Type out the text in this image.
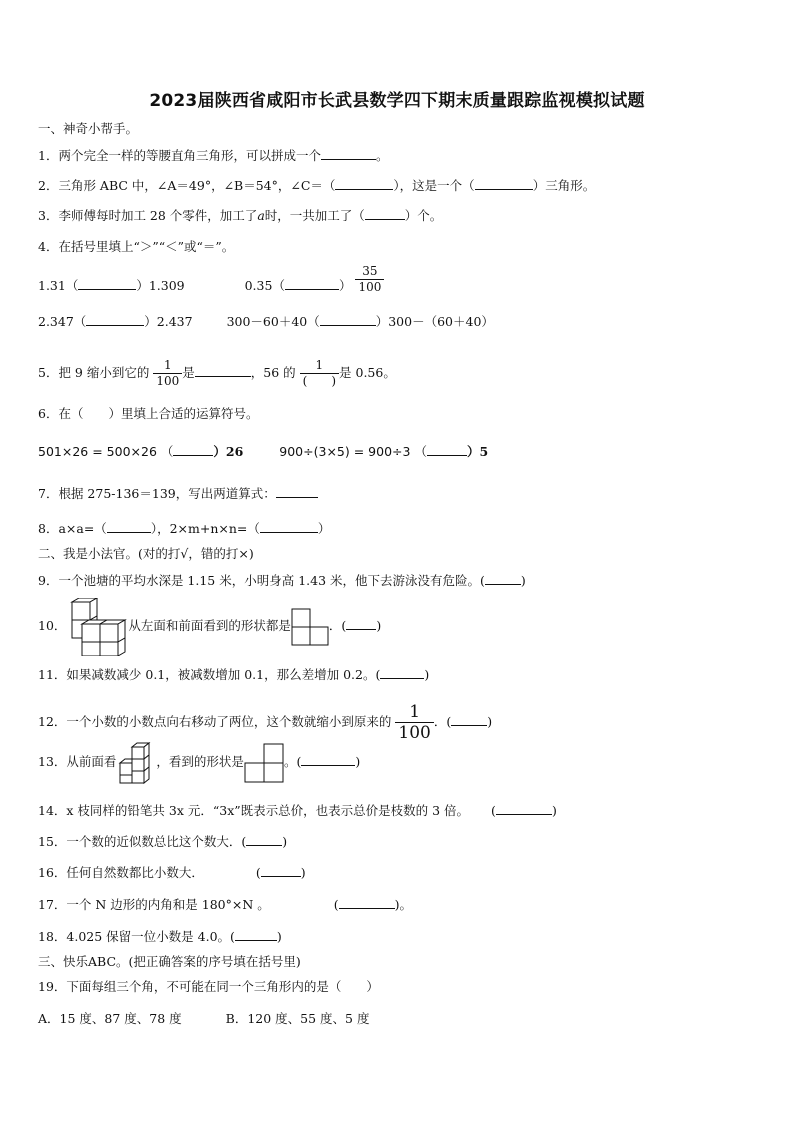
2023届陕西省咸阳市长武县数学四下期末质量跟踪监视模拟试题
一、神奇小帮手。
1．两个完全一样的等腰直角三角形，可以拼成一个	。
2．三角形 ABC 中，∠A＝49°，∠B＝54°，∠C＝（	），这是一个（	）三角形。
3．李师傅每时加工 28 个零件，加工了a时，一共加工了（	）个。
4．在括号里填上“＞”“＜”或“＝”。
1.31（	）1.309	0.35（	） $\frac{35}{100}$
2.347（	）2.437	300－60＋40（	）300－（60＋40）
5．把 9 缩小到它的 $\frac{1}{100}$ 是	，56 的 $\frac{1}{( )}$ 是 0.56。
6．在（　　）里填上合适的运算符号。
501×26 = 500×26 （	）26	900÷(3×5) = 900÷3 （	）5
7．根据 275-136＝139，写出两道算式：
8．a×a=（	），2×m+n×n=（	）
二、我是小法官。(对的打√，错的打×)
9．一个池塘的平均水深是 1.15 米，小明身高 1.43 米，他下去游泳没有危险。(	)
10．	从左面和前面看到的形状都是	．( )
11．如果减数减少 0.1，被减数增加 0.1，那么差增加 0.2。(	)
12．一个小数的小数点向右移动了两位，这个数就缩小到原来的 $\frac{1}{100}$ ．(	)
13．从前面看	，看到的形状是	。(	)
14．x 枝同样的铅笔共 3x 元．“3x”既表示总价，也表示总价是枝数的 3 倍。 (	)
15．一个数的近似数总比这个数大．(	)
16．任何自然数都比小数大．	(	)
17．一个 N 边形的内角和是 180°×N 。	(	)。
18．4.025 保留一位小数是 4.0。(	)
三、快乐ABC。(把正确答案的序号填在括号里)
19．下面每组三个角，不可能在同一个三角形内的是（　　）
A．15 度、87 度、78 度	B．120 度、55 度、5 度
